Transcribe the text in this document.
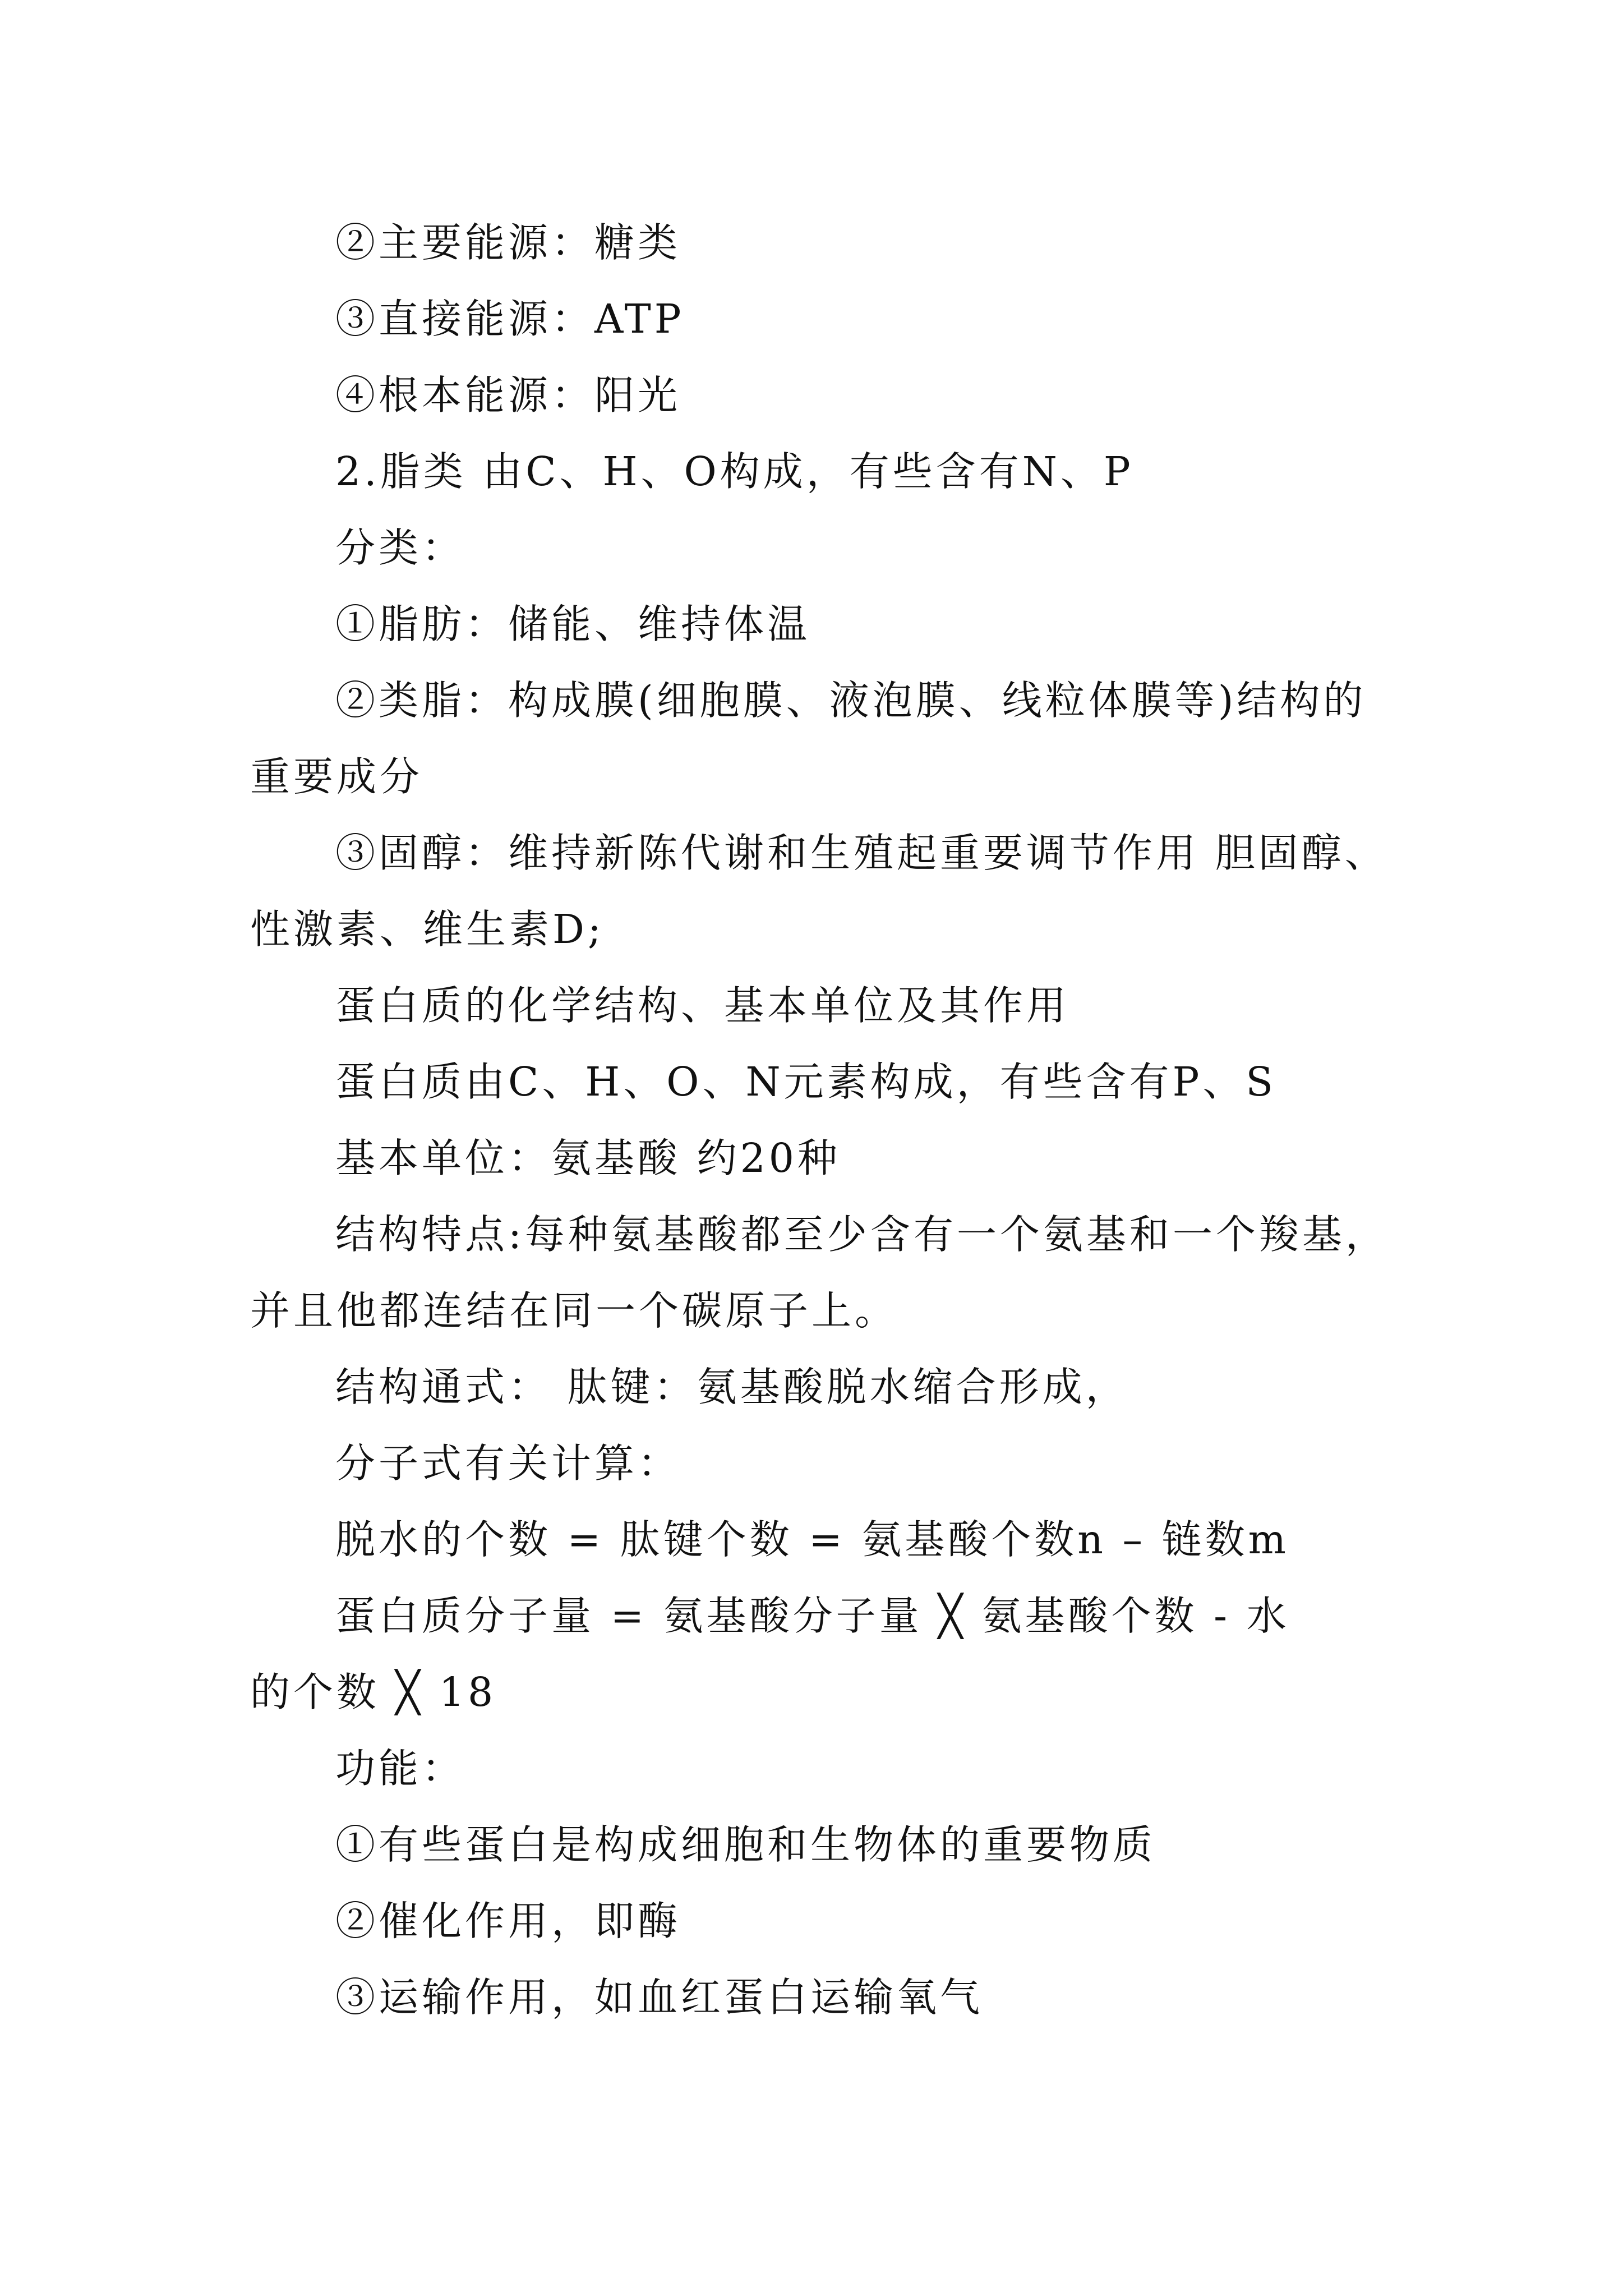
②主要能源：糖类
③直接能源：ATP
④根本能源：阳光
2.脂类 由C、H、O构成，有些含有N、P
分类：
①脂肪：储能、维持体温
②类脂：构成膜(细胞膜、液泡膜、线粒体膜等)结构的
重要成分
③固醇：维持新陈代谢和生殖起重要调节作用 胆固醇、
性激素、维生素D;
蛋白质的化学结构、基本单位及其作用
蛋白质由C、H、O、N元素构成，有些含有P、S
基本单位：氨基酸 约20种
结构特点:每种氨基酸都至少含有一个氨基和一个羧基，
并且他都连结在同一个碳原子上。
结构通式： 肽键：氨基酸脱水缩合形成，
分子式有关计算：
脱水的个数 = 肽键个数 = 氨基酸个数n – 链数m
蛋白质分子量 = 氨基酸分子量 ╳ 氨基酸个数 - 水
的个数 ╳ 18
功能：
①有些蛋白是构成细胞和生物体的重要物质
②催化作用，即酶
③运输作用，如血红蛋白运输氧气
